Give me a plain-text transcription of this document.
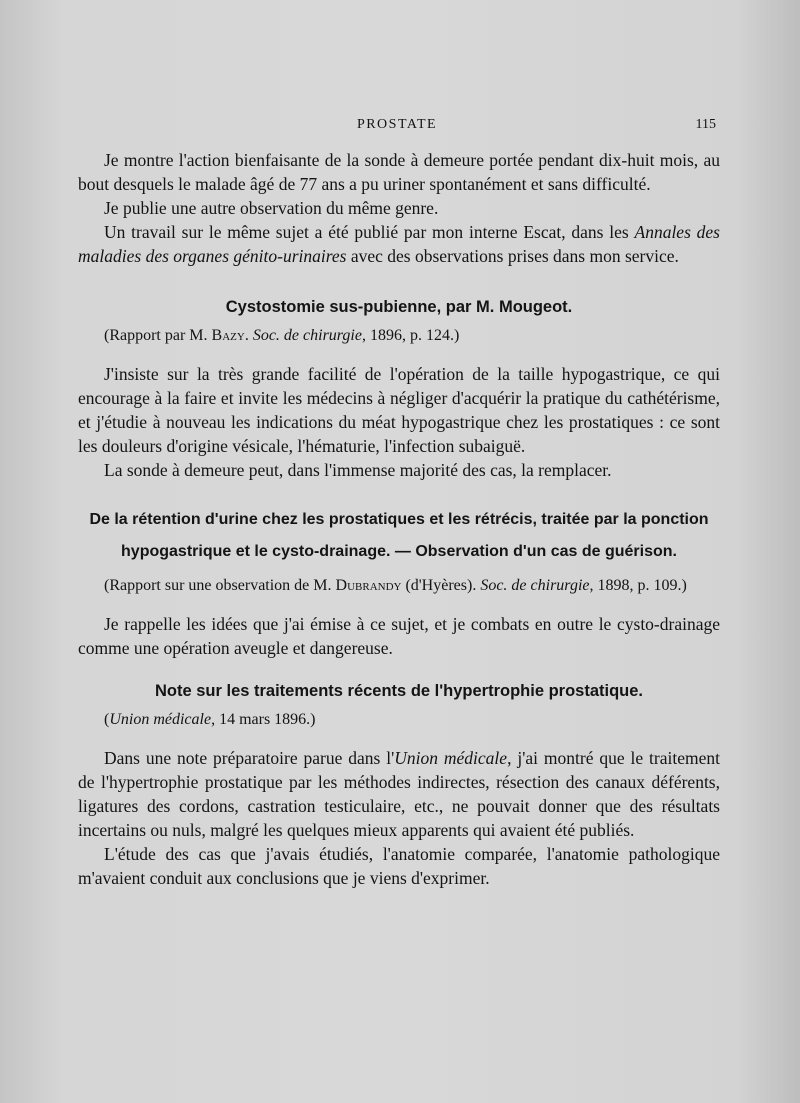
PROSTATE	115

Je montre l'action bienfaisante de la sonde à demeure portée pendant dix-huit mois, au bout desquels le malade âgé de 77 ans a pu uriner spontanément et sans difficulté.

Je publie une autre observation du même genre.

Un travail sur le même sujet a été publié par mon interne Escat, dans les Annales des maladies des organes génito-urinaires avec des observations prises dans mon service.

Cystostomie sus-pubienne, par M. Mougeot.

(Rapport par M. Bazy. Soc. de chirurgie, 1896, p. 124.)

J'insiste sur la très grande facilité de l'opération de la taille hypogastrique, ce qui encourage à la faire et invite les médecins à négliger d'acquérir la pratique du cathétérisme, et j'étudie à nouveau les indications du méat hypogastrique chez les prostatiques : ce sont les douleurs d'origine vésicale, l'hématurie, l'infection subaiguë.

La sonde à demeure peut, dans l'immense majorité des cas, la remplacer.

De la rétention d'urine chez les prostatiques et les rétrécis, traitée par la ponction
hypogastrique et le cysto-drainage. — Observation d'un cas de guérison.

(Rapport sur une observation de M. Dubrandy (d'Hyères). Soc. de chirurgie, 1898, p. 109.)

Je rappelle les idées que j'ai émise à ce sujet, et je combats en outre le cysto-drainage comme une opération aveugle et dangereuse.

Note sur les traitements récents de l'hypertrophie prostatique.

(Union médicale, 14 mars 1896.)

Dans une note préparatoire parue dans l'Union médicale, j'ai montré que le traitement de l'hypertrophie prostatique par les méthodes indirectes, résection des canaux déférents, ligatures des cordons, castration testiculaire, etc., ne pouvait donner que des résultats incertains ou nuls, malgré les quelques mieux apparents qui avaient été publiés.

L'étude des cas que j'avais étudiés, l'anatomie comparée, l'anatomie pathologique m'avaient conduit aux conclusions que je viens d'exprimer.
